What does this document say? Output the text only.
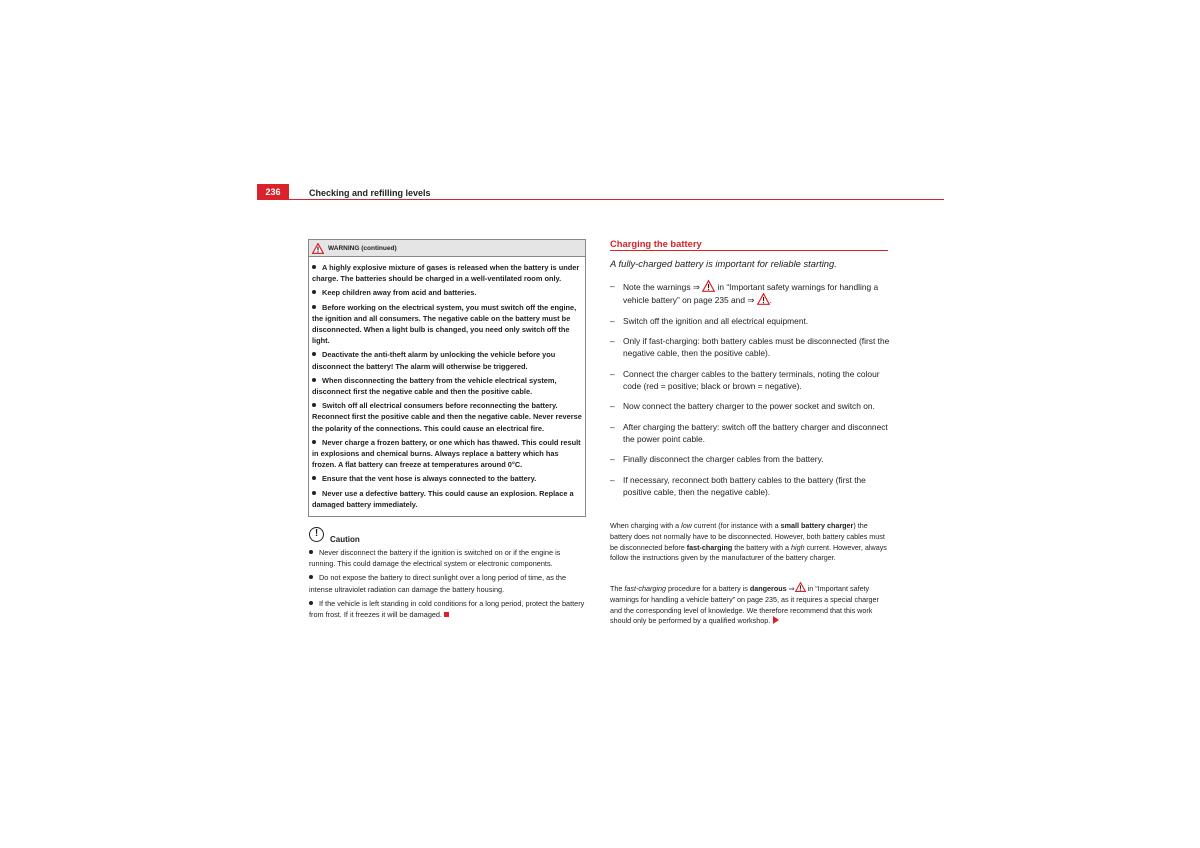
236	Checking and refilling levels
WARNING (continued)
A highly explosive mixture of gases is released when the battery is under charge. The batteries should be charged in a well-ventilated room only.
Keep children away from acid and batteries.
Before working on the electrical system, you must switch off the engine, the ignition and all consumers. The negative cable on the battery must be disconnected. When a light bulb is changed, you need only switch off the light.
Deactivate the anti-theft alarm by unlocking the vehicle before you disconnect the battery! The alarm will otherwise be triggered.
When disconnecting the battery from the vehicle electrical system, disconnect first the negative cable and then the positive cable.
Switch off all electrical consumers before reconnecting the battery. Reconnect first the positive cable and then the negative cable. Never reverse the polarity of the connections. This could cause an electrical fire.
Never charge a frozen battery, or one which has thawed. This could result in explosions and chemical burns. Always replace a battery which has frozen. A flat battery can freeze at temperatures around 0°C.
Ensure that the vent hose is always connected to the battery.
Never use a defective battery. This could cause an explosion. Replace a damaged battery immediately.
!
Caution
Never disconnect the battery if the ignition is switched on or if the engine is running. This could damage the electrical system or electronic components.
Do not expose the battery to direct sunlight over a long period of time, as the intense ultraviolet radiation can damage the battery housing.
If the vehicle is left standing in cold conditions for a long period, protect the battery from frost. If it freezes it will be damaged.
Charging the battery
A fully-charged battery is important for reliable starting.
– Note the warnings ⇒  in “Important safety warnings for handling a vehicle battery” on page 235 and ⇒ .
– Switch off the ignition and all electrical equipment.
– Only if fast-charging: both battery cables must be disconnected (first the negative cable, then the positive cable).
– Connect the charger cables to the battery terminals, noting the colour code (red = positive; black or brown = negative).
– Now connect the battery charger to the power socket and switch on.
– After charging the battery: switch off the battery charger and disconnect the power point cable.
– Finally disconnect the charger cables from the battery.
– If necessary, reconnect both battery cables to the battery (first the positive cable, then the negative cable).
When charging with a low current (for instance with a small battery charger) the battery does not normally have to be disconnected. However, both battery cables must be disconnected before fast-charging the battery with a high current. However, always follow the instructions given by the manufacturer of the battery charger.
The fast-charging procedure for a battery is dangerous ⇒ in “Important safety warnings for handling a vehicle battery” on page 235, as it requires a special charger and the corresponding level of knowledge. We therefore recommend that this work should only be performed by a qualified workshop.
